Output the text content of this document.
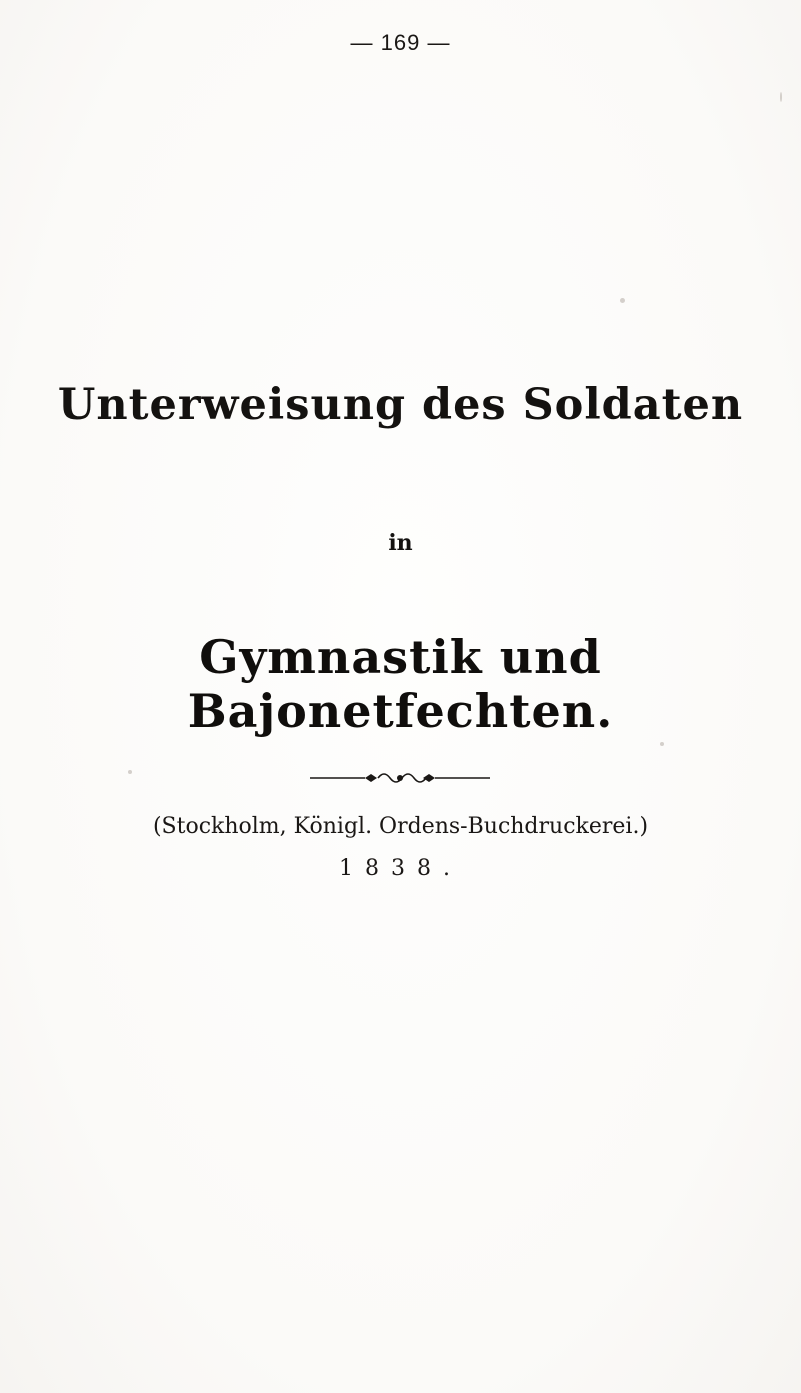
— 169 —
Unterweisung des Soldaten
in
Gymnastik und Bajonetfechten.
(Stockholm, Königl. Ordens-Buchdruckerei.)
1838.
